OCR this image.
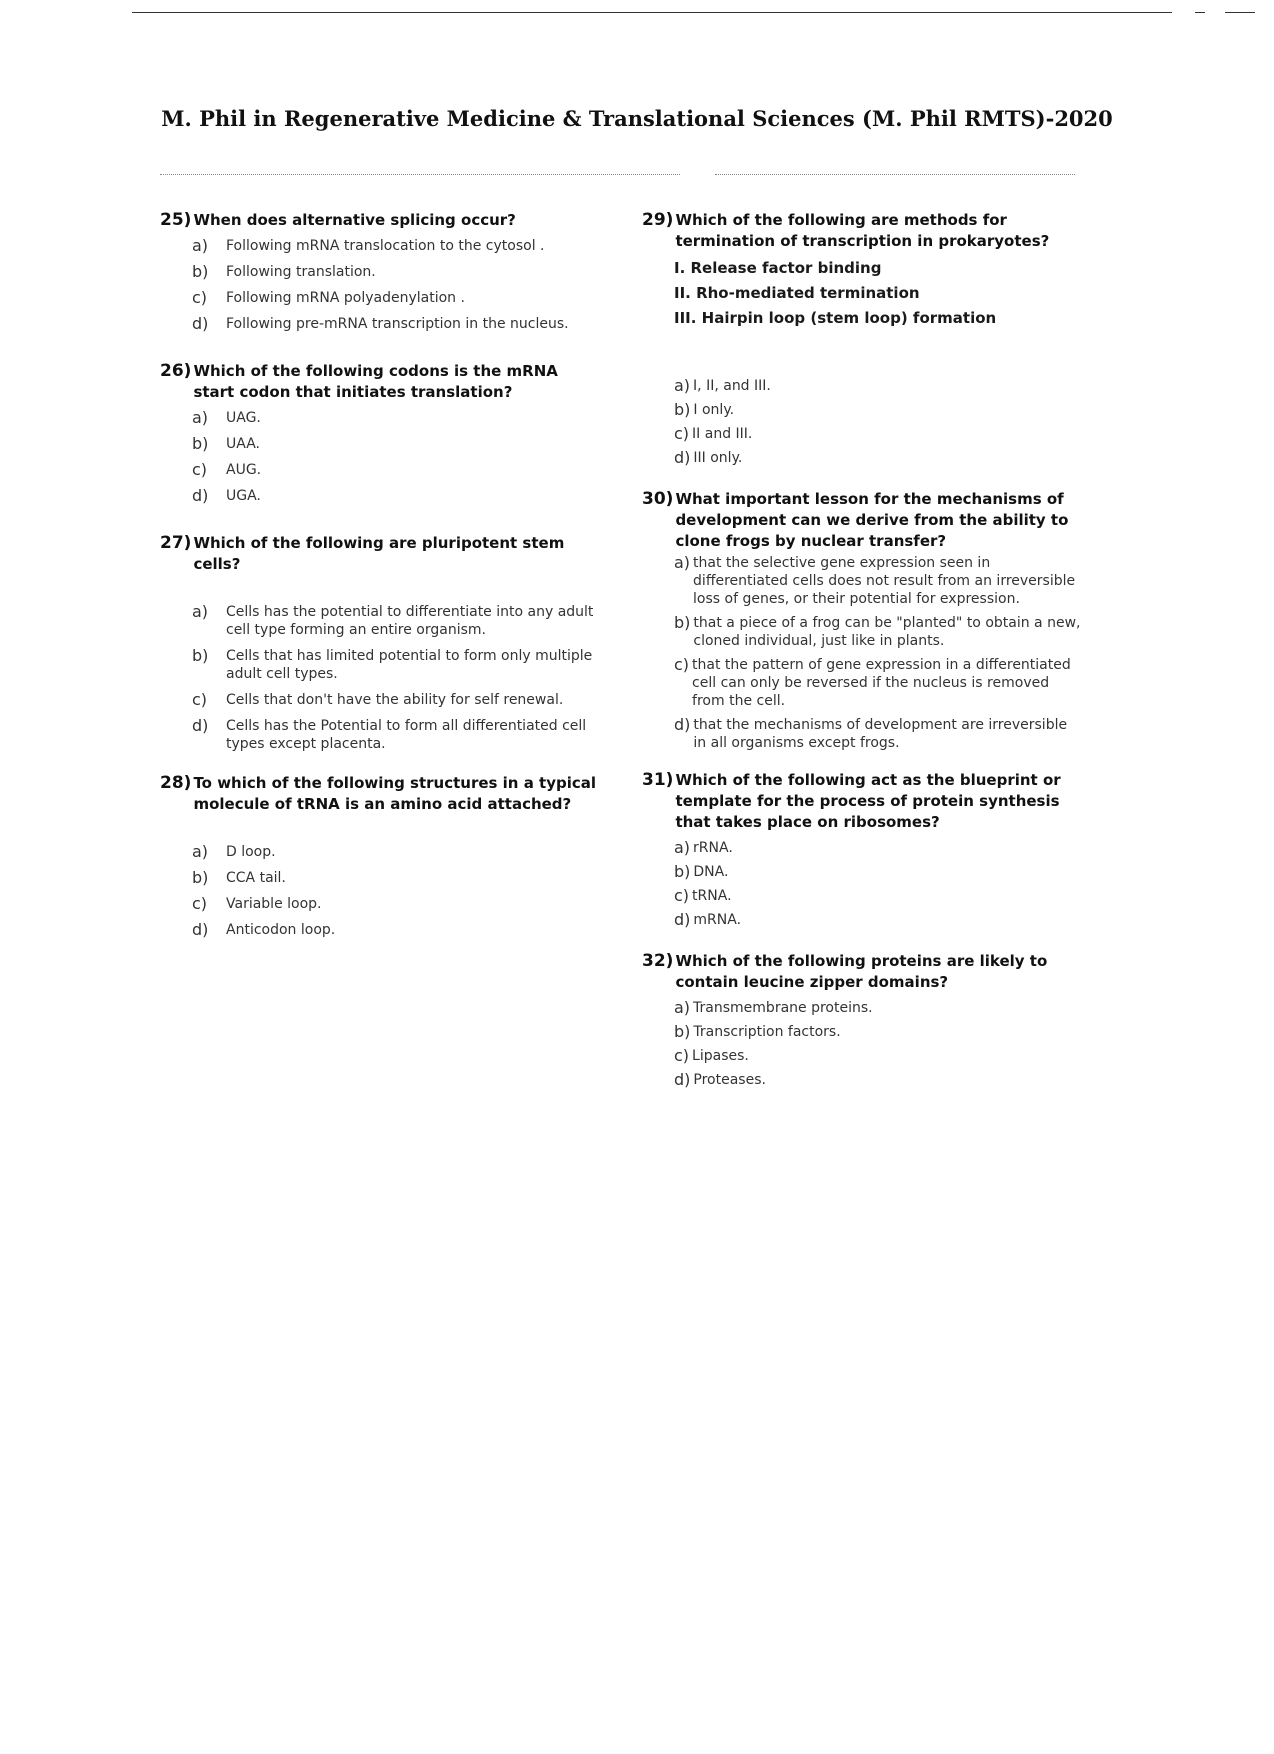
M. Phil in Regenerative Medicine & Translational Sciences (M. Phil RMTS)-2020
25) When does alternative splicing occur?
a)	Following mRNA translocation to the cytosol .
b)	Following translation.
c)	Following mRNA polyadenylation .
d)	Following pre-mRNA transcription in the nucleus.
26) Which of the following codons is the mRNA start codon that initiates translation?
a)	UAG.
b)	UAA.
c)	AUG.
d)	UGA.
27) Which of the following are pluripotent stem cells?
a)	Cells has the potential to differentiate into any adult cell type forming an entire organism.
b)	Cells that has limited potential to form only multiple adult cell types.
c)	Cells that don't have the ability for self renewal.
d)	Cells has the Potential to form all differentiated cell types except placenta.
28) To which of the following structures in a typical molecule of tRNA is an amino acid attached?
a)	D loop.
b)	CCA tail.
c)	Variable loop.
d)	Anticodon loop.
29) Which of the following are methods for termination of transcription in prokaryotes?
I. Release factor binding
II. Rho-mediated termination
III. Hairpin loop (stem loop) formation
a) I, II, and III.
b) I only.
c) II and III.
d) III only.
30) What important lesson for the mechanisms of development can we derive from the ability to clone frogs by nuclear transfer?
a) that the selective gene expression seen in differentiated cells does not result from an irreversible loss of genes, or their potential for expression.
b) that a piece of a frog can be "planted" to obtain a new, cloned individual, just like in plants.
c) that the pattern of gene expression in a differentiated cell can only be reversed if the nucleus is removed from the cell.
d) that the mechanisms of development are irreversible in all organisms except frogs.
31) Which of the following act as the blueprint or template for the process of protein synthesis that takes place on ribosomes?
a) rRNA.
b) DNA.
c) tRNA.
d) mRNA.
32) Which of the following proteins are likely to contain leucine zipper domains?
a) Transmembrane proteins.
b) Transcription factors.
c) Lipases.
d) Proteases.
